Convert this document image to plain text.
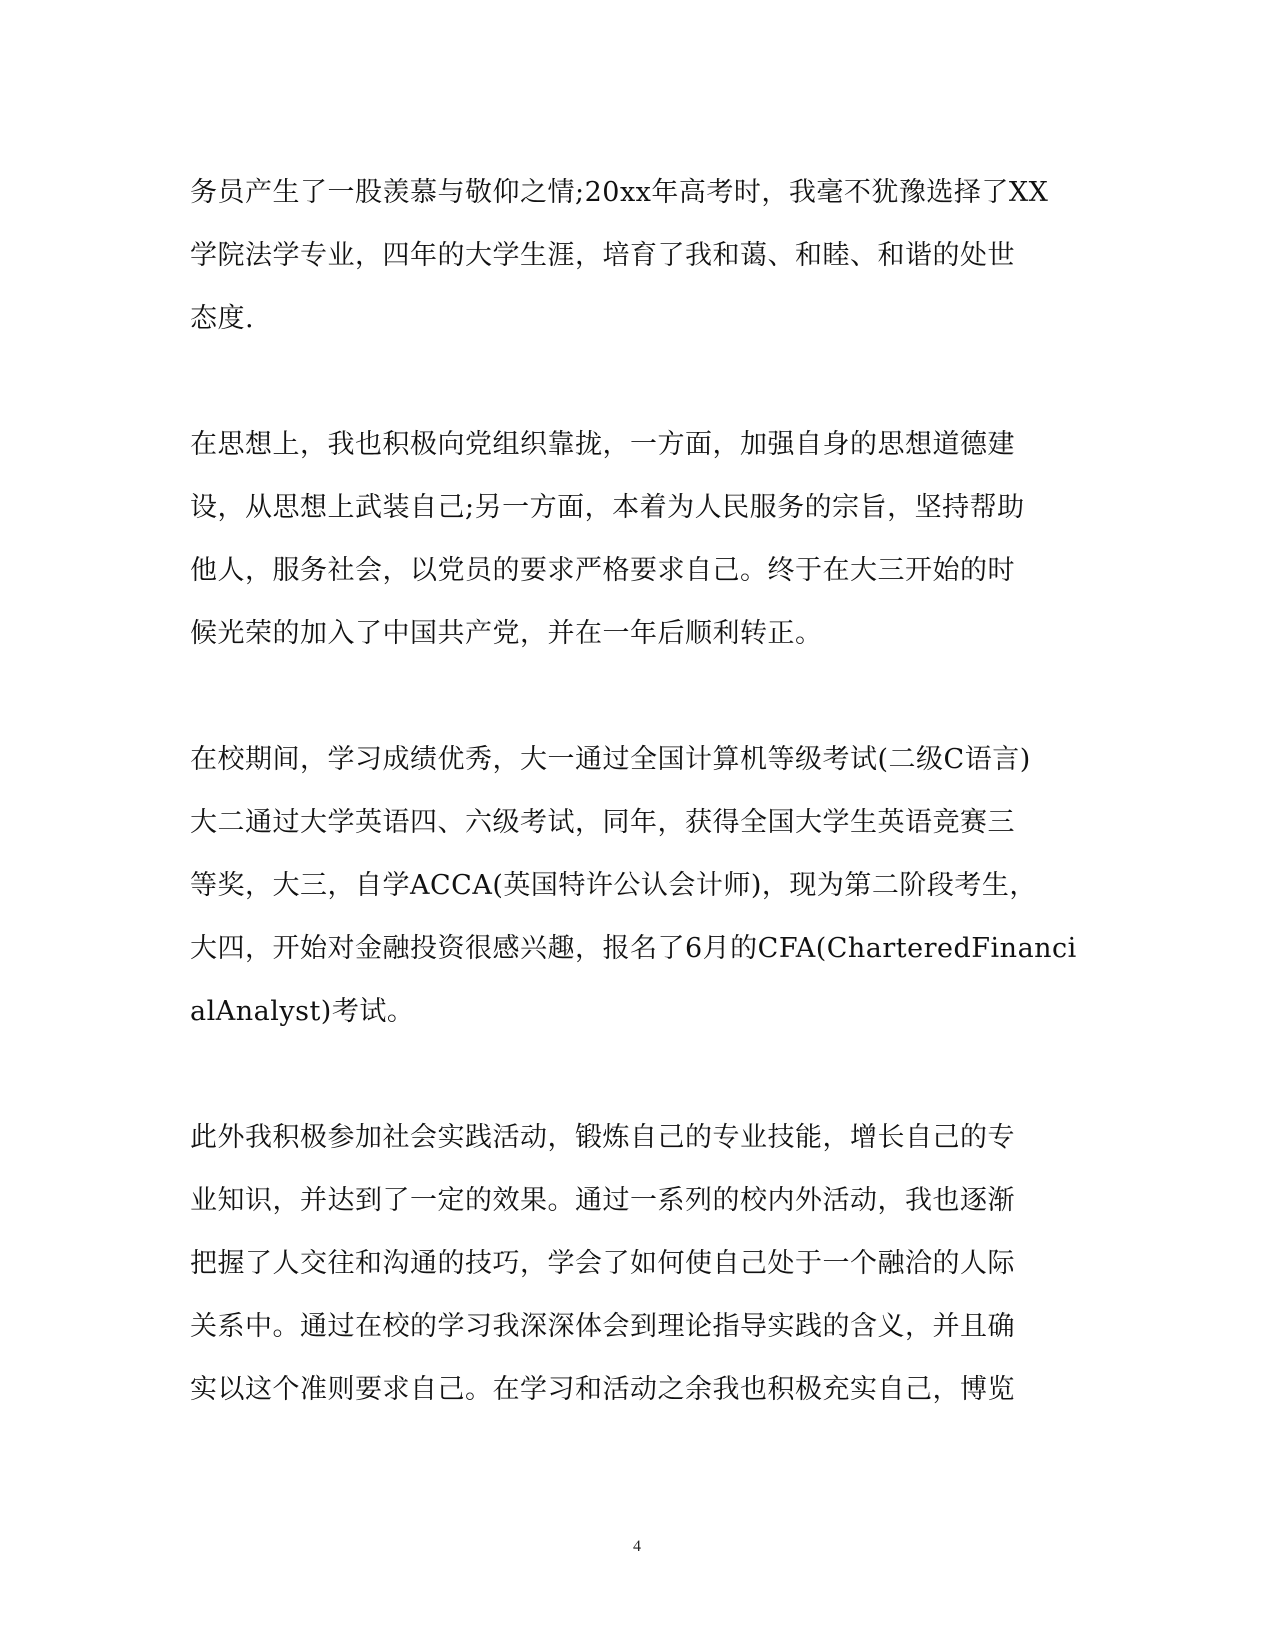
务员产生了一股羡慕与敬仰之情;20xx年高考时，我毫不犹豫选择了XX
学院法学专业，四年的大学生涯，培育了我和蔼、和睦、和谐的处世
态度.
在思想上，我也积极向党组织靠拢，一方面，加强自身的思想道德建
设，从思想上武装自己;另一方面，本着为人民服务的宗旨，坚持帮助
他人，服务社会，以党员的要求严格要求自己。终于在大三开始的时
候光荣的加入了中国共产党，并在一年后顺利转正。
在校期间，学习成绩优秀，大一通过全国计算机等级考试(二级C语言)
大二通过大学英语四、六级考试，同年，获得全国大学生英语竞赛三
等奖，大三，自学ACCA(英国特许公认会计师)，现为第二阶段考生，
大四，开始对金融投资很感兴趣，报名了6月的CFA(CharteredFinanci
alAnalyst)考试。
此外我积极参加社会实践活动，锻炼自己的专业技能，增长自己的专
业知识，并达到了一定的效果。通过一系列的校内外活动，我也逐渐
把握了人交往和沟通的技巧，学会了如何使自己处于一个融洽的人际
关系中。通过在校的学习我深深体会到理论指导实践的含义，并且确
实以这个准则要求自己。在学习和活动之余我也积极充实自己，博览
4
